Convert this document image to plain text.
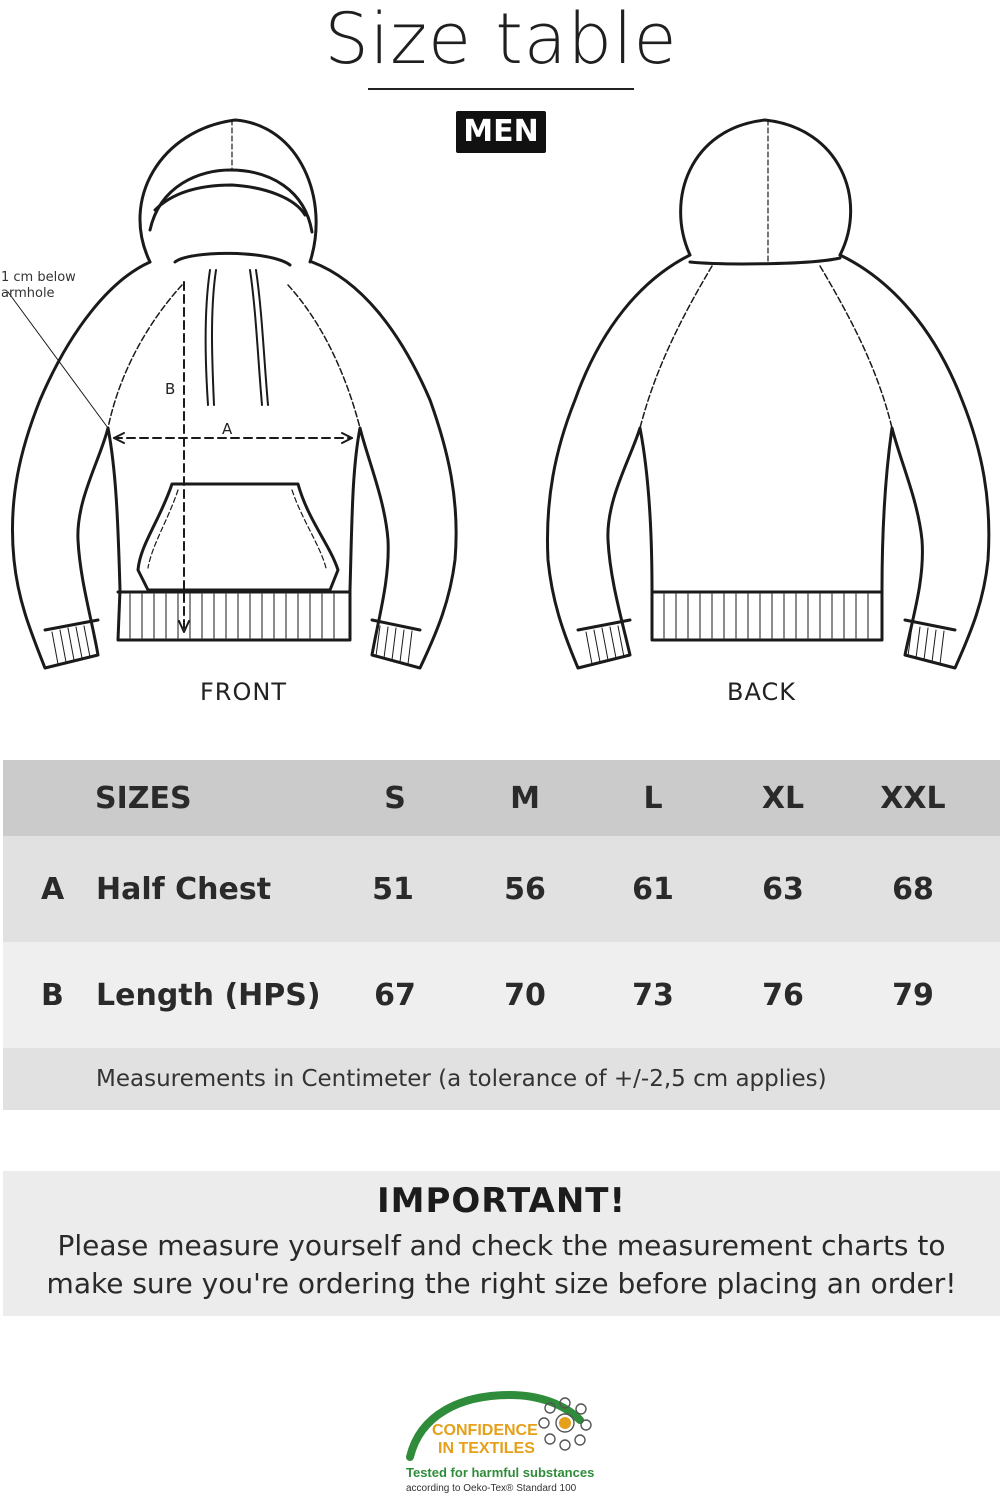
Size table
MEN
1 cm below
armhole
A
B
FRONT	BACK
SIZES	S	M	L	XL	XXL
A Half Chest	51	56	61	63	68
B Length (HPS)	67	70	73	76	79
Measurements in Centimeter (a tolerance of +/-2,5 cm applies)
IMPORTANT!
Please measure yourself and check the measurement charts to
make sure you're ordering the right size before placing an order!
CONFIDENCE
IN TEXTILES
Tested for harmful substances
according to Oeko-Tex® Standard 100
